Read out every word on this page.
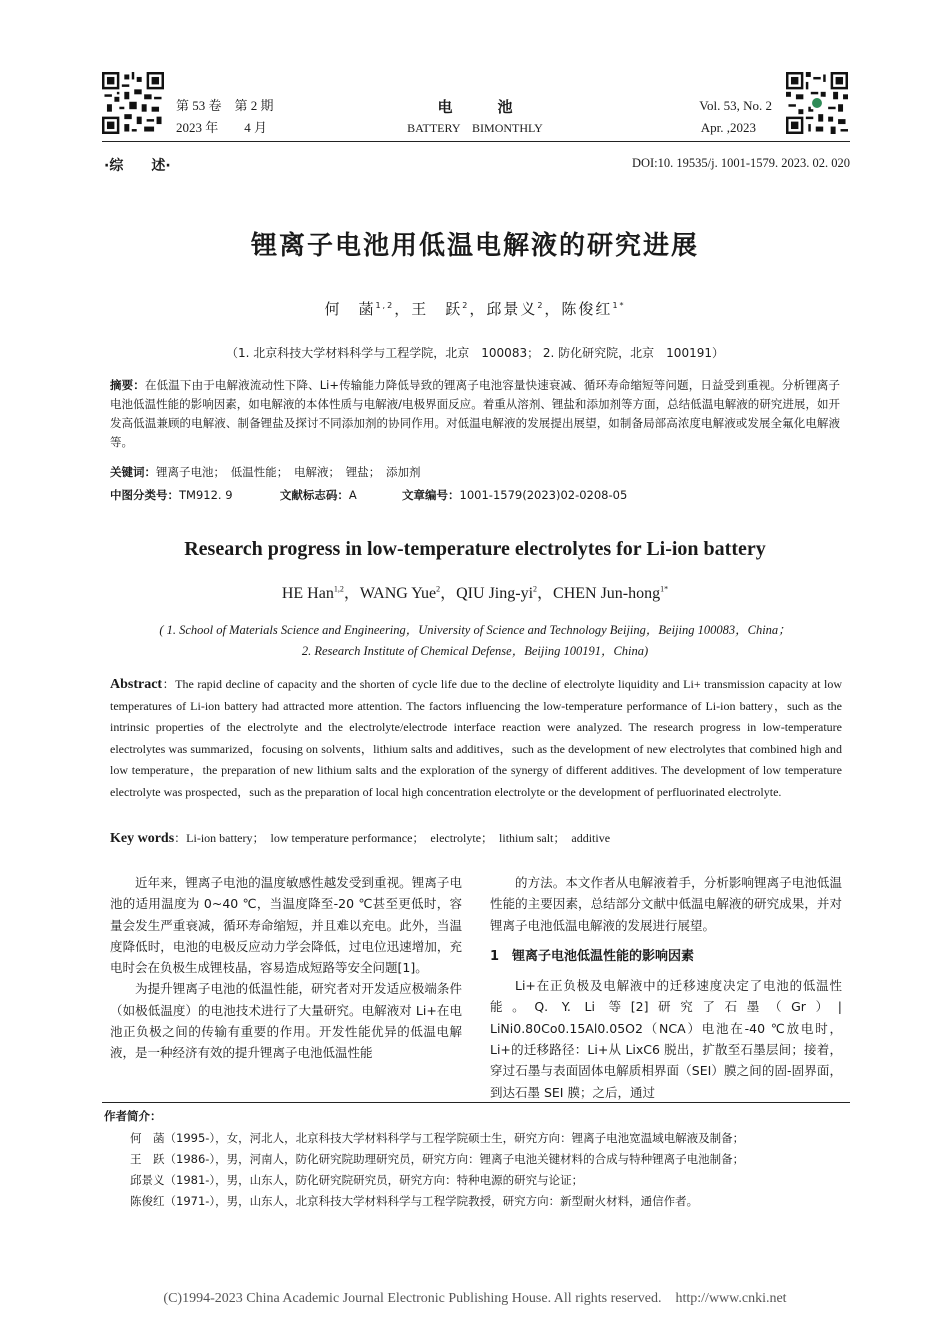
第 53 卷　第 2 期
2023 年　　4 月
电　　　池
BATTERY　BIMONTHLY
Vol. 53, No. 2
Apr. ,2023
·综　　述·	DOI:10. 19535/j. 1001-1579. 2023. 02. 020
锂离子电池用低温电解液的研究进展
何　菡$^{1,2}$，王　跃$^2$，邱景义$^2$，陈俊红$^{1*}$
（1. 北京科技大学材料科学与工程学院，北京　100083； 2. 防化研究院，北京　100191）
摘要：在低温下由于电解液流动性下降、Li+传输能力降低导致的锂离子电池容量快速衰减、循环寿命缩短等问题，日益受到重视。分析锂离子电池低温性能的影响因素，如电解液的本体性质与电解液/电极界面反应。着重从溶剂、锂盐和添加剂等方面，总结低温电解液的研究进展，如开发高低温兼顾的电解液、制备锂盐及探讨不同添加剂的协同作用。对低温电解液的发展提出展望，如制备局部高浓度电解液或发展全氟化电解液等。
关键词：锂离子电池；　低温性能；　电解液；　锂盐；　添加剂
中图分类号：TM912. 9	文献标志码：A	文章编号：1001-1579(2023)02-0208-05
Research progress in low-temperature electrolytes for Li-ion battery
HE Han$^{1,2}$，WANG Yue$^2$，QIU Jing-$yi^2$，CHEN Jun-hong$^{1*}$
( 1. School of Materials Science and Engineering，University of Science and Technology Beijing，Beijing 100083，China；
2. Research Institute of Chemical Defense，Beijing 100191，China)
Abstract：The rapid decline of capacity and the shorten of cycle life due to the decline of electrolyte liquidity and Li+ transmission capacity at low temperatures of Li-ion battery had attracted more attention. The factors influencing the low-temperature performance of Li-ion battery，such as the intrinsic properties of the electrolyte and the electrolyte/electrode interface reaction were analyzed. The research progress in low-temperature electrolytes was summarized，focusing on solvents，lithium salts and additives，such as the development of new electrolytes that combined high and low temperature，the preparation of new lithium salts and the exploration of the synergy of different additives. The development of low temperature electrolyte was prospected，such as the preparation of local high concentration electrolyte or the development of perfluorinated electrolyte.
Key words：Li-ion battery；　low temperature performance；　electrolyte；　lithium salt；　additive

近年来，锂离子电池的温度敏感性越发受到重视。锂离子电池的适用温度为 0~40 ℃，当温度降至-20 ℃甚至更低时，容量会发生严重衰减，循环寿命缩短，并且难以充电。此外，当温度降低时，电池的电极反应动力学会降低，过电位迅速增加，充电时会在负极生成锂枝晶，容易造成短路等安全问题[1]。

为提升锂离子电池的低温性能，研究者对开发适应极端条件（如极低温度）的电池技术进行了大量研究。电解液对 Li+在电池正负极之间的传输有重要的作用。开发性能优异的低温电解液，是一种经济有效的提升锂离子电池低温性能

的方法。本文作者从电解液着手，分析影响锂离子电池低温性能的主要因素，总结部分文献中低温电解液的研究成果，并对锂离子电池低温电解液的发展进行展望。

1　锂离子电池低温性能的影响因素

Li+在正负极及电解液中的迁移速度决定了电池的低温性能。Q. Y. Li 等[2]研究了石墨（Gr）| LiNi0.80Co0.15Al0.05O2（NCA）电池在-40 ℃放电时，Li+的迁移路径：Li+从 LixC6 脱出，扩散至石墨层间；接着，穿过石墨与表面固体电解质相界面（SEI）膜之间的固-固界面，到达石墨 SEI 膜；之后，通过

作者简介：
何　菡（1995-），女，河北人，北京科技大学材料科学与工程学院硕士生，研究方向：锂离子电池宽温域电解液及制备；
王　跃（1986-），男，河南人，防化研究院助理研究员，研究方向：锂离子电池关键材料的合成与特种锂离子电池制备；
邱景义（1981-），男，山东人，防化研究院研究员，研究方向：特种电源的研究与论证；
陈俊红（1971-），男，山东人，北京科技大学材料科学与工程学院教授，研究方向：新型耐火材料，通信作者。
(C)1994-2023 China Academic Journal Electronic Publishing House. All rights reserved.　http://www.cnki.net
